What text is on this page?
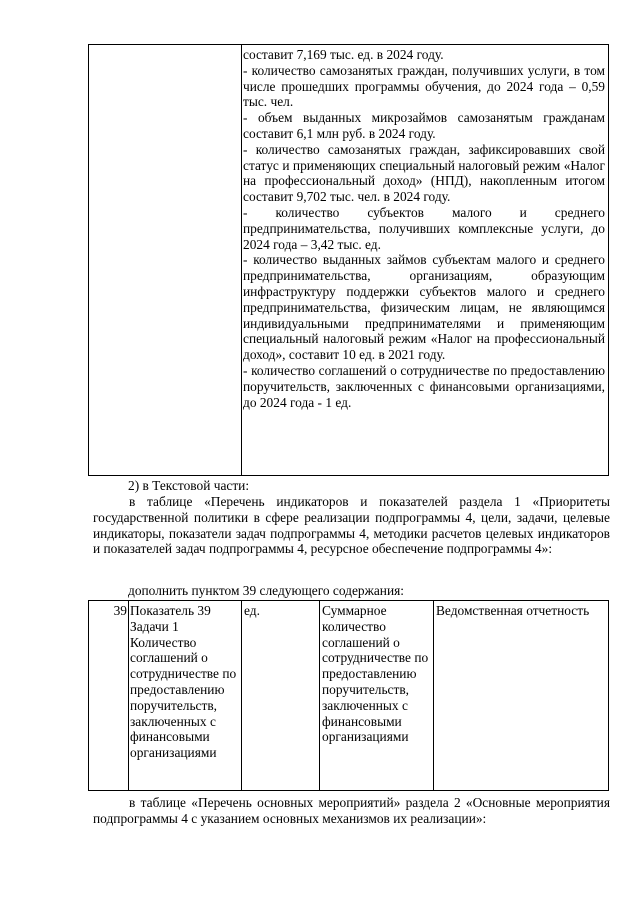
составит 7,169 тыс. ед. в 2024 году.

- количество самозанятых граждан, получивших услуги, в том числе прошедших программы обучения, до 2024 года – 0,59 тыс. чел.

- объем выданных микрозаймов самозанятым гражданам составит 6,1 млн руб. в 2024 году.

- количество самозанятых граждан, зафиксировавших свой статус и применяющих специальный налоговый режим «Налог на профессиональный доход» (НПД), накопленным итогом составит 9,702 тыс. чел. в 2024 году.

- количество субъектов малого и среднего предпринимательства, получивших комплексные услуги, до 2024 года – 3,42 тыс. ед.

- количество выданных займов субъектам малого и среднего предпринимательства, организациям, образующим инфраструктуру поддержки субъектов малого и среднего предпринимательства, физическим лицам, не являющимся индивидуальными предпринимателями и применяющим специальный налоговый режим «Налог на профессиональный доход», составит 10 ед. в 2021 году.

- количество соглашений о сотрудничестве по предоставлению поручительств, заключенных с финансовыми организациями, до 2024 года - 1 ед.

2) в Текстовой части:

в таблице «Перечень индикаторов и показателей раздела 1 «Приоритеты государственной политики в сфере реализации подпрограммы 4, цели, задачи, целевые индикаторы, показатели задач подпрограммы 4, методики расчетов целевых индикаторов и показателей задач подпрограммы 4, ресурсное обеспечение подпрограммы 4»:

дополнить пунктом 39 следующего содержания:

39 Показатель 39 Задачи 1 Количество соглашений о сотрудничестве по предоставлению поручительств, заключенных с финансовыми организациями
ед.	Суммарное количество соглашений о сотрудничестве по предоставлению поручительств, заключенных с финансовыми организациями
Ведомственная отчетность

в таблице «Перечень основных мероприятий» раздела 2 «Основные мероприятия подпрограммы 4 с указанием основных механизмов их реализации»:
